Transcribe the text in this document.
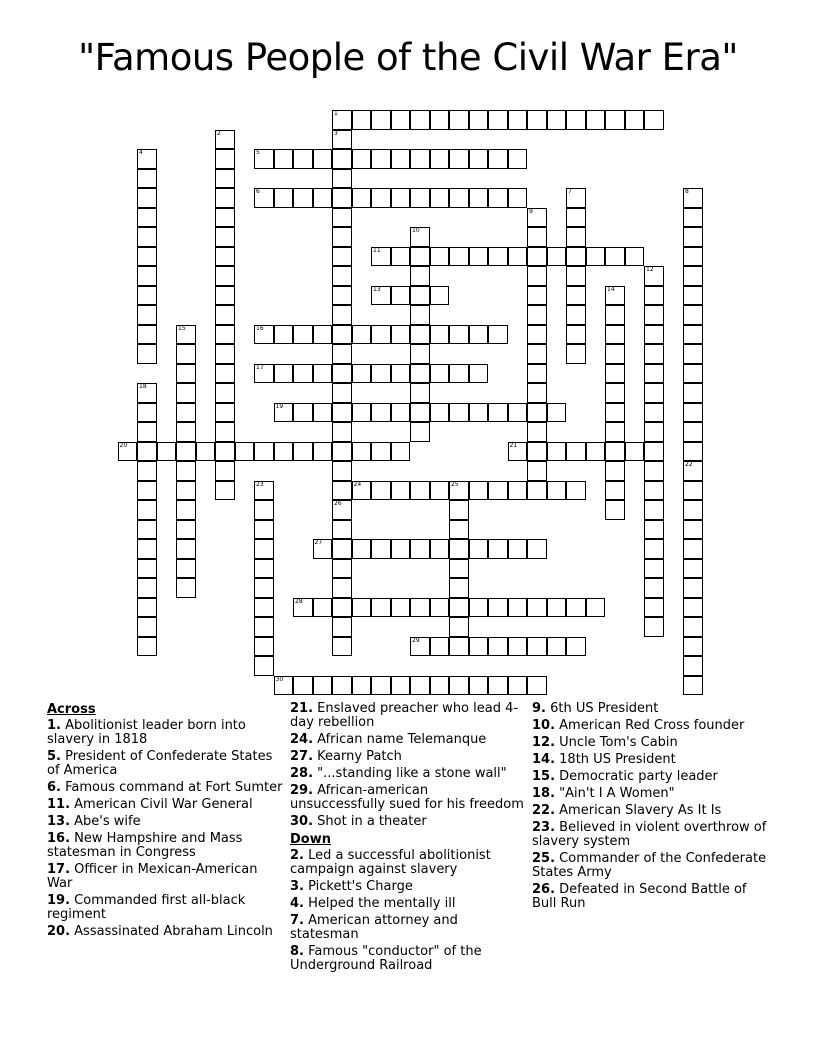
"Famous People of the Civil War Era"
1
2	3
4	5
6	7	8
22
9
10
11
12
13	14
15	16
17
18
19
20	21
23	24	25
26
27
28
29
30
Across
1. Abolitionist leader born into slavery in 1818
5. President of Confederate States of America
6. Famous command at Fort Sumter
11. American Civil War General
13. Abe's wife
16. New Hampshire and Mass statesman in Congress
17. Officer in Mexican-American War
19. Commanded first all-black regiment
20. Assassinated Abraham Lincoln
21. Enslaved preacher who lead 4-day rebellion
24. African name Telemanque
27. Kearny Patch
28. "...standing like a stone wall"
29. African-american unsuccessfully sued for his freedom
30. Shot in a theater
Down
2. Led a successful abolitionist campaign against slavery
3. Pickett's Charge
4. Helped the mentally ill
7. American attorney and statesman
8. Famous "conductor" of the Underground Railroad
9. 6th US President
10. American Red Cross founder
12. Uncle Tom's Cabin
14. 18th US President
15. Democratic party leader
18. "Ain't I A Women"
22. American Slavery As It Is
23. Believed in violent overthrow of slavery system
25. Commander of the Confederate States Army
26. Defeated in Second Battle of Bull Run
